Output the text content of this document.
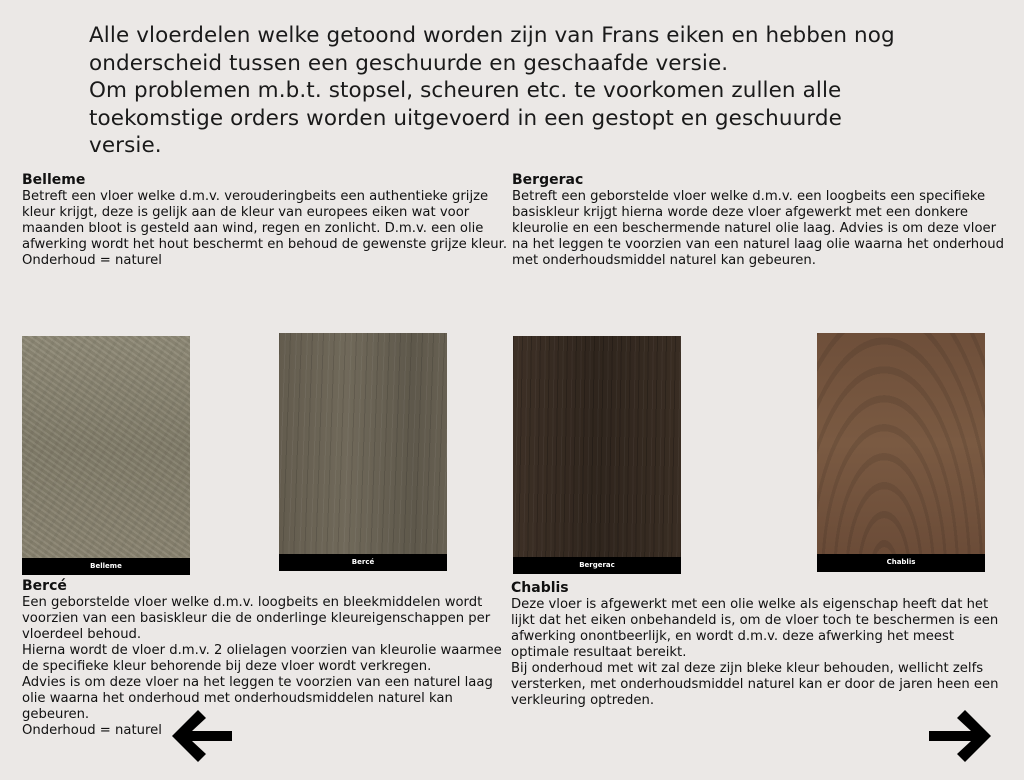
Alle vloerdelen welke getoond worden zijn van Frans eiken en hebben nog
onderscheid tussen een geschuurde en geschaafde versie.
Om problemen m.b.t. stopsel, scheuren etc. te voorkomen zullen alle
toekomstige orders worden uitgevoerd in een gestopt en geschuurde
versie.
Belleme
Betreft een vloer welke d.m.v. verouderingbeits een authentieke grijze
kleur krijgt, deze is gelijk aan de kleur van europees eiken wat voor
maanden bloot is gesteld aan wind, regen en zonlicht. D.m.v. een olie
afwerking wordt het hout beschermt en behoud de gewenste grijze kleur.
Onderhoud = naturel
Bergerac
Betreft een geborstelde vloer welke d.m.v. een loogbeits een specifieke
basiskleur krijgt hierna worde deze vloer afgewerkt met een donkere
kleurolie en een beschermende naturel olie laag. Advies is om deze vloer
na het leggen te voorzien van een naturel laag olie waarna het onderhoud
met onderhoudsmiddel naturel kan gebeuren.
Belleme	Bercé	Bergerac	Chablis
Bercé
Een geborstelde vloer welke d.m.v. loogbeits en bleekmiddelen wordt
voorzien van een basiskleur die de onderlinge kleureigenschappen per
vloerdeel behoud.
Hierna wordt de vloer d.m.v. 2 olielagen voorzien van kleurolie waarmee
de specifieke kleur behorende bij deze vloer wordt verkregen.
Advies is om deze vloer na het leggen te voorzien van een naturel laag
olie waarna het onderhoud met onderhoudsmiddelen naturel kan
gebeuren.
Onderhoud = naturel
Chablis
Deze vloer is afgewerkt met een olie welke als eigenschap heeft dat het
lijkt dat het eiken onbehandeld is, om de vloer toch te beschermen is een
afwerking onontbeerlijk, en wordt d.m.v. deze afwerking het meest
optimale resultaat bereikt.
Bij onderhoud met wit zal deze zijn bleke kleur behouden, wellicht zelfs
versterken, met onderhoudsmiddel naturel kan er door de jaren heen een
verkleuring optreden.
